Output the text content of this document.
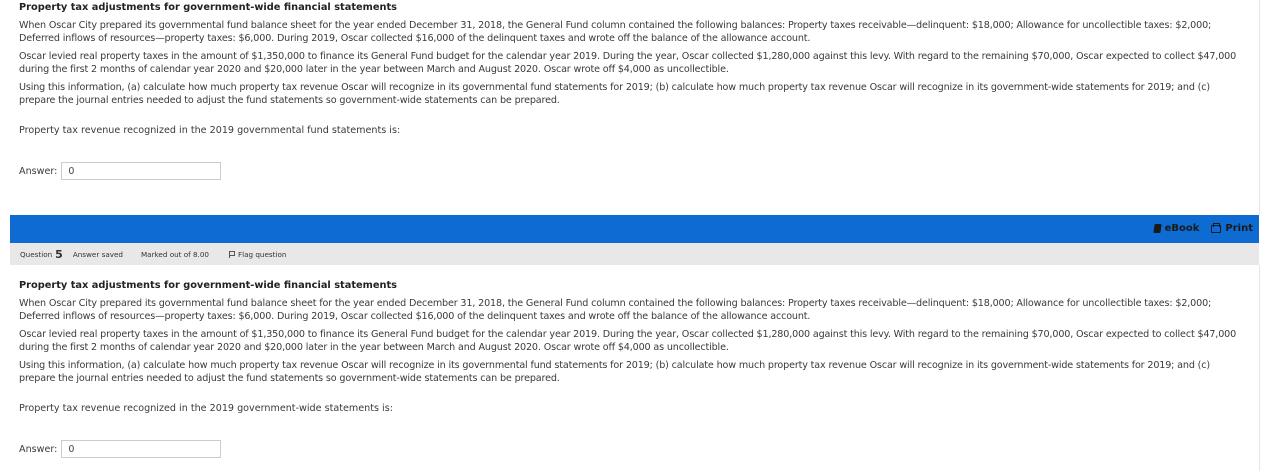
Property tax adjustments for government-wide financial statements

When Oscar City prepared its governmental fund balance sheet for the year ended December 31, 2018, the General Fund column contained the following balances: Property taxes receivable—delinquent: $18,000; Allowance for uncollectible taxes: $2,000; Deferred inflows of resources—property taxes: $6,000. During 2019, Oscar collected $16,000 of the delinquent taxes and wrote off the balance of the allowance account.

Oscar levied real property taxes in the amount of $1,350,000 to finance its General Fund budget for the calendar year 2019. During the year, Oscar collected $1,280,000 against this levy. With regard to the remaining $70,000, Oscar expected to collect $47,000 during the first 2 months of calendar year 2020 and $20,000 later in the year between March and August 2020. Oscar wrote off $4,000 as uncollectible.

Using this information, (a) calculate how much property tax revenue Oscar will recognize in its governmental fund statements for 2019; (b) calculate how much property tax revenue Oscar will recognize in its government-wide statements for 2019; and (c) prepare the journal entries needed to adjust the fund statements so government-wide statements can be prepared.

Property tax revenue recognized in the 2019 governmental fund statements is:

Answer:
0
eBook	Print
Question 5 Answer saved	Marked out of 8.00	Flag question

Property tax adjustments for government-wide financial statements

When Oscar City prepared its governmental fund balance sheet for the year ended December 31, 2018, the General Fund column contained the following balances: Property taxes receivable—delinquent: $18,000; Allowance for uncollectible taxes: $2,000; Deferred inflows of resources—property taxes: $6,000. During 2019, Oscar collected $16,000 of the delinquent taxes and wrote off the balance of the allowance account.

Oscar levied real property taxes in the amount of $1,350,000 to finance its General Fund budget for the calendar year 2019. During the year, Oscar collected $1,280,000 against this levy. With regard to the remaining $70,000, Oscar expected to collect $47,000 during the first 2 months of calendar year 2020 and $20,000 later in the year between March and August 2020. Oscar wrote off $4,000 as uncollectible.

Using this information, (a) calculate how much property tax revenue Oscar will recognize in its governmental fund statements for 2019; (b) calculate how much property tax revenue Oscar will recognize in its government-wide statements for 2019; and (c) prepare the journal entries needed to adjust the fund statements so government-wide statements can be prepared.

Property tax revenue recognized in the 2019 government-wide statements is:

Answer:
0
